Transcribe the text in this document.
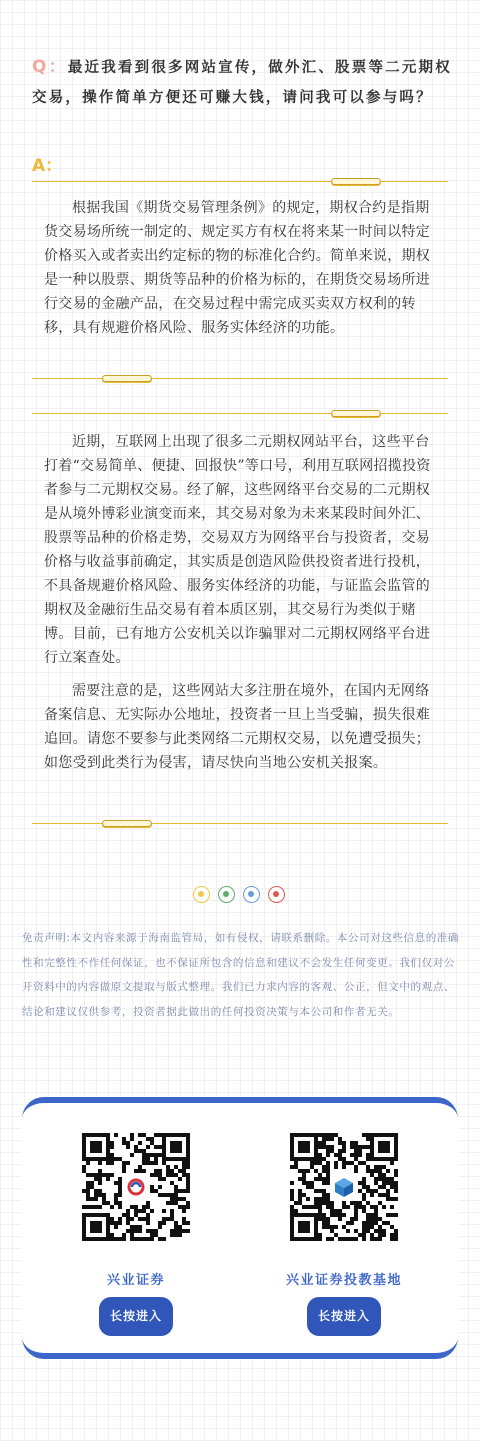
Q：最近我看到很多网站宣传，做外汇、股票等二元期权交易，操作简单方便还可赚大钱，请问我可以参与吗？
A：
根据我国《期货交易管理条例》的规定，期权合约是指期货交易场所统一制定的、规定买方有权在将来某一时间以特定价格买入或者卖出约定标的物的标准化合约。简单来说，期权是一种以股票、期货等品种的价格为标的，在期货交易场所进行交易的金融产品，在交易过程中需完成买卖双方权利的转移，具有规避价格风险、服务实体经济的功能。
近期，互联网上出现了很多二元期权网站平台，这些平台打着“交易简单、便捷、回报快”等口号，利用互联网招揽投资者参与二元期权交易。经了解，这些网络平台交易的二元期权是从境外博彩业演变而来，其交易对象为未来某段时间外汇、股票等品种的价格走势，交易双方为网络平台与投资者，交易价格与收益事前确定，其实质是创造风险供投资者进行投机，不具备规避价格风险、服务实体经济的功能，与证监会监管的期权及金融衍生品交易有着本质区别，其交易行为类似于赌博。目前，已有地方公安机关以诈骗罪对二元期权网络平台进行立案查处。
需要注意的是，这些网站大多注册在境外，在国内无网络备案信息、无实际办公地址，投资者一旦上当受骗，损失很难追回。请您不要参与此类网络二元期权交易，以免遭受损失；如您受到此类行为侵害，请尽快向当地公安机关报案。
免责声明:本文内容来源于海南监管局，如有侵权，请联系删除。本公司对这些信息的准确性和完整性不作任何保证，也不保证所包含的信息和建议不会发生任何变更。我们仅对公开资料中的内容做原文提取与版式整理。我们已力求内容的客观、公正，但文中的观点、结论和建议仅供参考，投资者据此做出的任何投资决策与本公司和作者无关。
兴业证券
长按进入
兴业证券投教基地
长按进入
